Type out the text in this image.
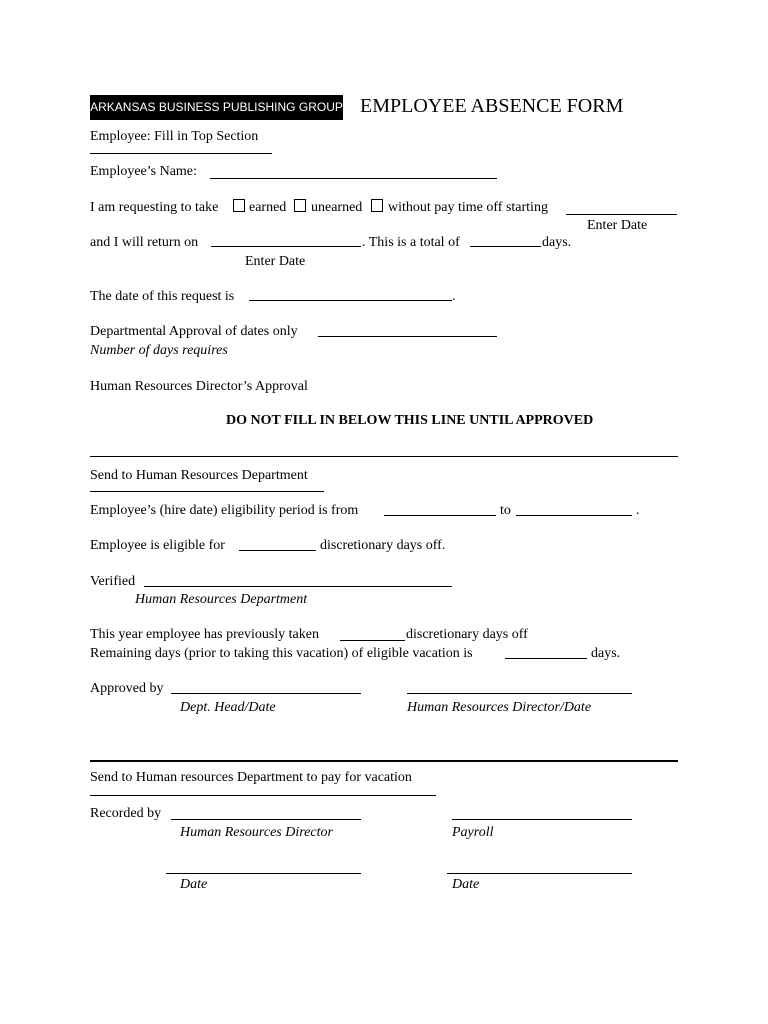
ARKANSAS BUSINESS PUBLISHING GROUP EMPLOYEE ABSENCE FORM
Employee: Fill in Top Section
Employee’s Name:
I am requesting to take earned unearned without pay time off starting
Enter Date
and I will return on	. This is a total of	days.
Enter Date
The date of this request is	.
Departmental Approval of dates only
Number of days requires
Human Resources Director’s Approval
DO NOT FILL IN BELOW THIS LINE UNTIL APPROVED
Send to Human Resources Department
Employee’s (hire date) eligibility period is from	to	.
Employee is eligible for	discretionary days off.
Verified
Human Resources Department
This year employee has previously taken	discretionary days off
Remaining days (prior to taking this vacation) of eligible vacation is	days.
Approved by
Dept. Head/Date	Human Resources Director/Date
Send to Human resources Department to pay for vacation
Recorded by
Human Resources Director	Payroll
Date	Date
